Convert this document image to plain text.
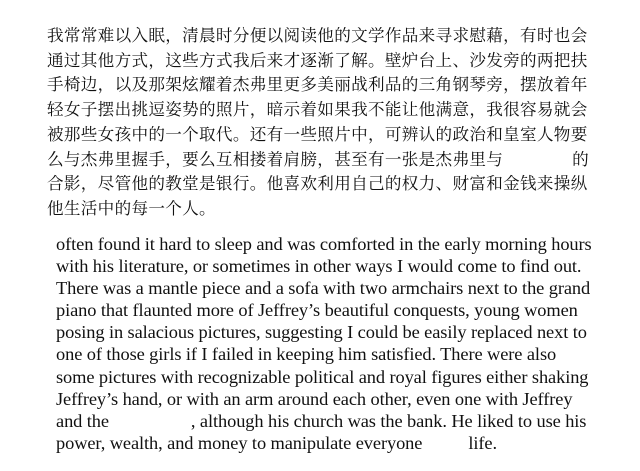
我常常难以入眠，清晨时分便以阅读他的文学作品来寻求慰藉，有时也会

通过其他方式，这些方式我后来才逐渐了解。壁炉台上、沙发旁的两把扶

手椅边，以及那架炫耀着杰弗里更多美丽战利品的三角钢琴旁，摆放着年

轻女子摆出挑逗姿势的照片，暗示着如果我不能让他满意，我很容易就会

被那些女孩中的一个取代。还有一些照片中，可辨认的政治和皇室人物要

么与杰弗里握手，要么互相搂着肩膀，甚至有一张是杰弗里与	的

合影，尽管他的教堂是银行。他喜欢利用自己的权力、财富和金钱来操纵

他生活中的每一个人。

often found it hard to sleep and was comforted in the early morning hours

with his literature, or sometimes in other ways I would come to find out.

There was a mantle piece and a sofa with two armchairs next to the grand

piano that flaunted more of Jeffrey’s beautiful conquests, young women

posing in salacious pictures, suggesting I could be easily replaced next to

one of those girls if I failed in keeping him satisfied. There were also

some pictures with recognizable political and royal figures either shaking

Jeffrey’s hand, or with an arm around each other, even one with Jeffrey

and the	, although his church was the bank. He liked to use his

power, wealth, and money to manipulate everyone	life.
